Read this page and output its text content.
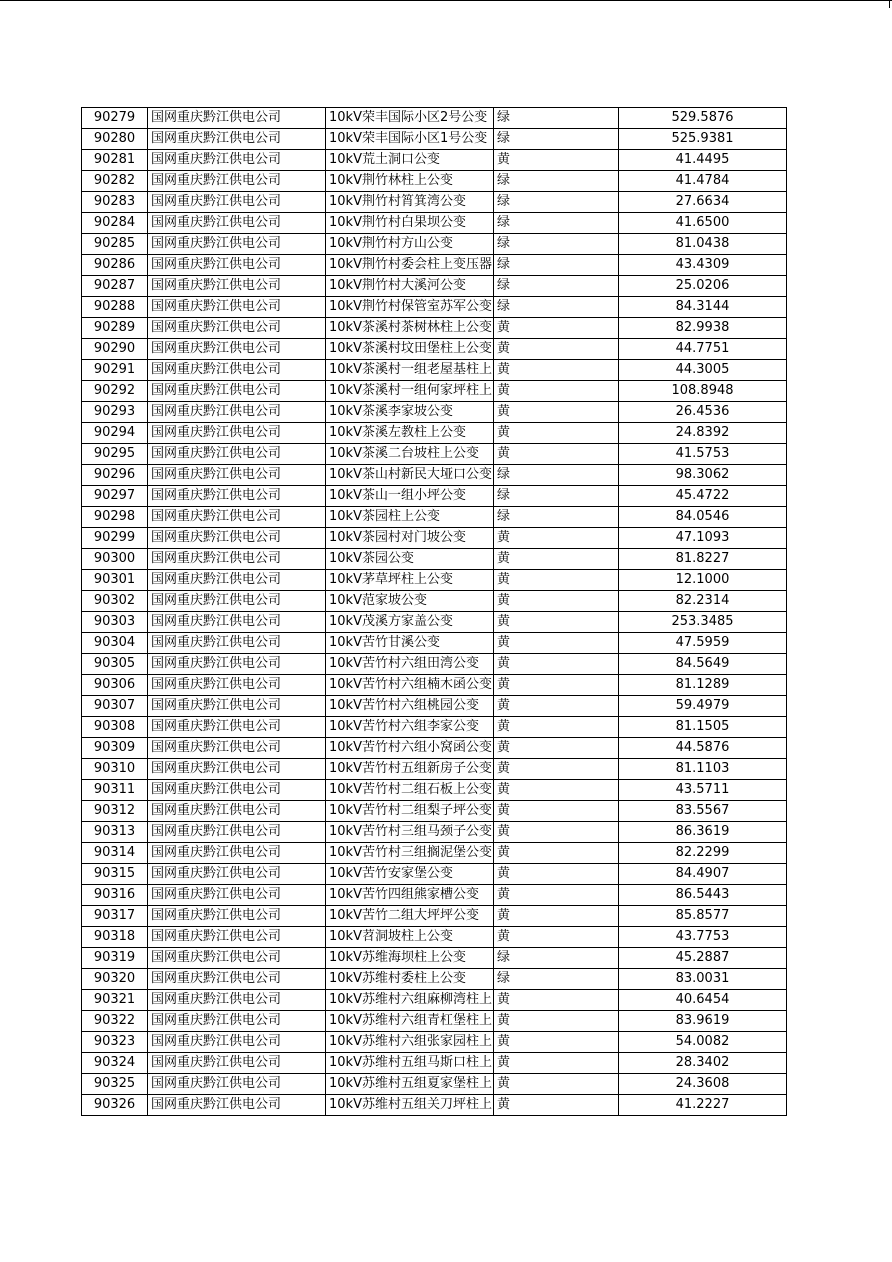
90279	国网重庆黔江供电公司	10kV荣丰国际小区2号公变	绿	529.5876
90280	国网重庆黔江供电公司	10kV荣丰国际小区1号公变	绿	525.9381
90281	国网重庆黔江供电公司	10kV荒土洞口公变	黄	41.4495
90282	国网重庆黔江供电公司	10kV荆竹林柱上公变	绿	41.4784
90283	国网重庆黔江供电公司	10kV荆竹村筲箕湾公变	绿	27.6634
90284	国网重庆黔江供电公司	10kV荆竹村白果坝公变	绿	41.6500
90285	国网重庆黔江供电公司	10kV荆竹村方山公变	绿	81.0438
90286	国网重庆黔江供电公司	10kV荆竹村委会柱上变压器	绿	43.4309
90287	国网重庆黔江供电公司	10kV荆竹村大溪河公变	绿	25.0206
90288	国网重庆黔江供电公司	10kV荆竹村保管室苏军公变	绿	84.3144
90289	国网重庆黔江供电公司	10kV茶溪村茶树林柱上公变	黄	82.9938
90290	国网重庆黔江供电公司	10kV茶溪村坟田堡柱上公变	黄	44.7751
90291	国网重庆黔江供电公司	10kV茶溪村一组老屋基柱上	黄	44.3005
90292	国网重庆黔江供电公司	10kV茶溪村一组何家坪柱上	黄	108.8948
90293	国网重庆黔江供电公司	10kV茶溪李家坡公变	黄	26.4536
90294	国网重庆黔江供电公司	10kV茶溪左教柱上公变	黄	24.8392
90295	国网重庆黔江供电公司	10kV茶溪二台坡柱上公变	黄	41.5753
90296	国网重庆黔江供电公司	10kV茶山村新民大垭口公变	绿	98.3062
90297	国网重庆黔江供电公司	10kV茶山一组小坪公变	绿	45.4722
90298	国网重庆黔江供电公司	10kV茶园柱上公变	绿	84.0546
90299	国网重庆黔江供电公司	10kV茶园村对门坡公变	黄	47.1093
90300	国网重庆黔江供电公司	10kV茶园公变	黄	81.8227
90301	国网重庆黔江供电公司	10kV茅草坪柱上公变	黄	12.1000
90302	国网重庆黔江供电公司	10kV范家坡公变	黄	82.2314
90303	国网重庆黔江供电公司	10kV茂溪方家盖公变	黄	253.3485
90304	国网重庆黔江供电公司	10kV苦竹甘溪公变	黄	47.5959
90305	国网重庆黔江供电公司	10kV苦竹村六组田湾公变	黄	84.5649
90306	国网重庆黔江供电公司	10kV苦竹村六组楠木函公变	黄	81.1289
90307	国网重庆黔江供电公司	10kV苦竹村六组桃园公变	黄	59.4979
90308	国网重庆黔江供电公司	10kV苦竹村六组李家公变	黄	81.1505
90309	国网重庆黔江供电公司	10kV苦竹村六组小窝函公变	黄	44.5876
90310	国网重庆黔江供电公司	10kV苦竹村五组新房子公变	黄	81.1103
90311	国网重庆黔江供电公司	10kV苦竹村二组石板上公变	黄	43.5711
90312	国网重庆黔江供电公司	10kV苦竹村二组梨子坪公变	黄	83.5567
90313	国网重庆黔江供电公司	10kV苦竹村三组马颈子公变	黄	86.3619
90314	国网重庆黔江供电公司	10kV苦竹村三组搁泥堡公变	黄	82.2299
90315	国网重庆黔江供电公司	10kV苦竹安家堡公变	黄	84.4907
90316	国网重庆黔江供电公司	10kV苦竹四组熊家槽公变	黄	86.5443
90317	国网重庆黔江供电公司	10kV苦竹二组大坪坪公变	黄	85.8577
90318	国网重庆黔江供电公司	10kV苕洞坡柱上公变	黄	43.7753
90319	国网重庆黔江供电公司	10kV苏维海坝柱上公变	绿	45.2887
90320	国网重庆黔江供电公司	10kV苏维村委柱上公变	绿	83.0031
90321	国网重庆黔江供电公司	10kV苏维村六组麻柳湾柱上	黄	40.6454
90322	国网重庆黔江供电公司	10kV苏维村六组青杠堡柱上	黄	83.9619
90323	国网重庆黔江供电公司	10kV苏维村六组张家园柱上	黄	54.0082
90324	国网重庆黔江供电公司	10kV苏维村五组马斯口柱上	黄	28.3402
90325	国网重庆黔江供电公司	10kV苏维村五组夏家堡柱上	黄	24.3608
90326	国网重庆黔江供电公司	10kV苏维村五组关刀坪柱上	黄	41.2227
